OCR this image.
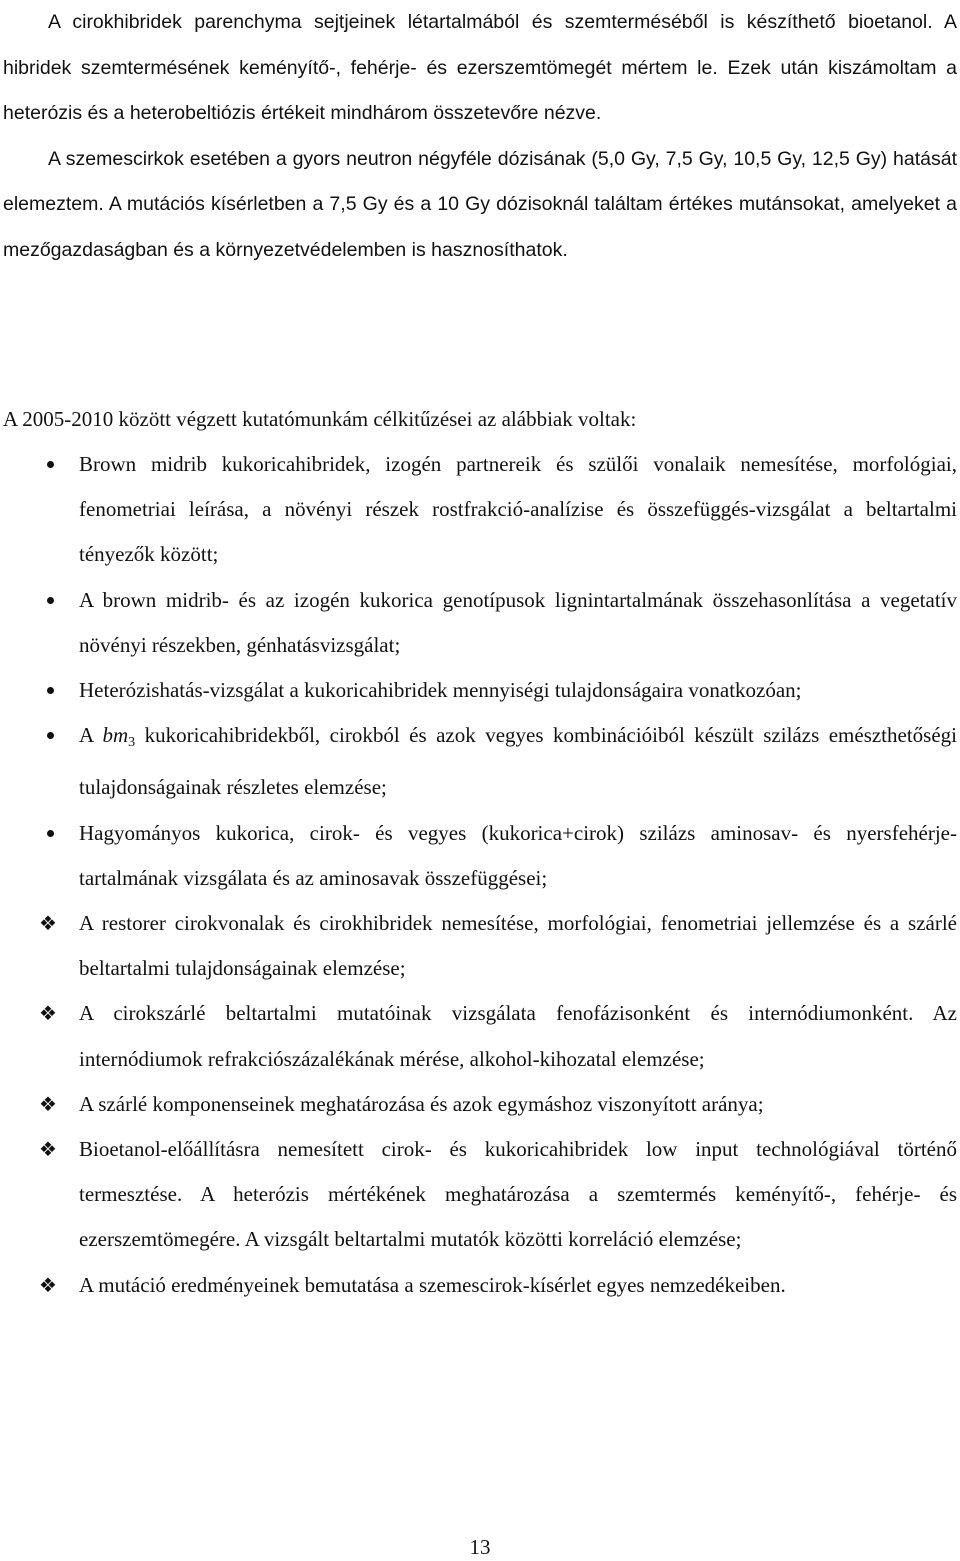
A cirokhibridek parenchyma sejtjeinek létartalmából és szemterméséből is készíthető bioetanol. A hibridek szemtermésének keményítő-, fehérje- és ezerszemtömegét mértem le. Ezek után kiszámoltam a heterózis és a heterobeltiózis értékeit mindhárom összetevőre nézve.

A szemescirkok esetében a gyors neutron négyféle dózisának (5,0 Gy, 7,5 Gy, 10,5 Gy, 12,5 Gy) hatását elemeztem. A mutációs kísérletben a 7,5 Gy és a 10 Gy dózisoknál találtam értékes mutánsokat, amelyeket a mezőgazdaságban és a környezetvédelemben is hasznosíthatok.

A 2005-2010 között végzett kutatómunkám célkitűzései az alábbiak voltak:

Brown midrib kukoricahibridek, izogén partnereik és szülői vonalaik nemesítése, morfológiai, fenometriai leírása, a növényi részek rostfrakció-analízise és összefüggés-vizsgálat a beltartalmi tényezők között;
A brown midrib- és az izogén kukorica genotípusok lignintartalmának összehasonlítása a vegetatív növényi részekben, génhatásvizsgálat;
Heterózishatás-vizsgálat a kukoricahibridek mennyiségi tulajdonságaira vonatkozóan;
A $bm_3$ kukoricahibridekből, cirokból és azok vegyes kombinációiból készült szilázs emészthetőségi tulajdonságainak részletes elemzése;
Hagyományos kukorica, cirok- és vegyes (kukorica+cirok) szilázs aminosav- és nyersfehérje-tartalmának vizsgálata és az aminosavak összefüggései;
❖ A restorer cirokvonalak és cirokhibridek nemesítése, morfológiai, fenometriai jellemzése és a szárlé beltartalmi tulajdonságainak elemzése;
❖ A cirokszárlé beltartalmi mutatóinak vizsgálata fenofázisonként és internódiumonként. Az internódiumok refrakciószázalékának mérése, alkohol-kihozatal elemzése;
❖ A szárlé komponenseinek meghatározása és azok egymáshoz viszonyított aránya;
❖ Bioetanol-előállításra nemesített cirok- és kukoricahibridek low input technológiával történő termesztése. A heterózis mértékének meghatározása a szemtermés keményítő-, fehérje- és ezerszemtömegére. A vizsgált beltartalmi mutatók közötti korreláció elemzése;
❖ A mutáció eredményeinek bemutatása a szemescirok-kísérlet egyes nemzedékeiben.
13
